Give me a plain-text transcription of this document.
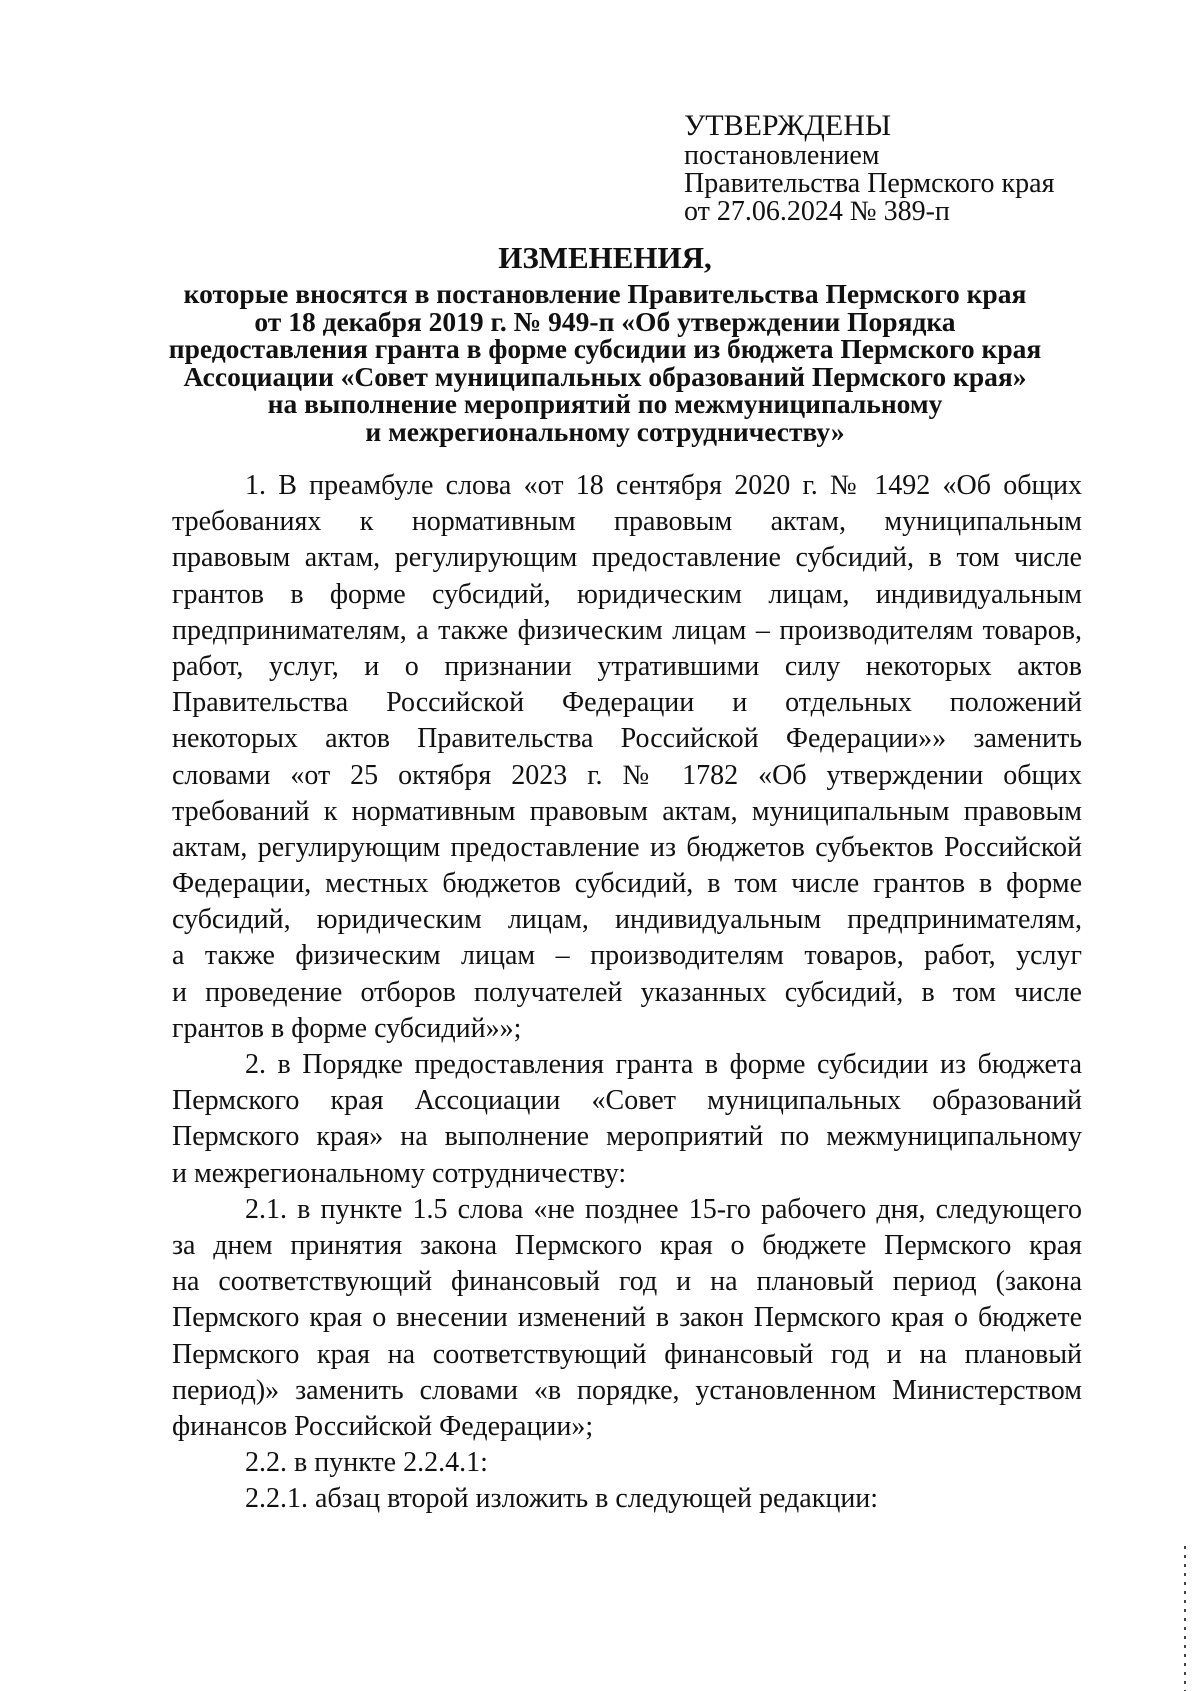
УТВЕРЖДЕНЫ
постановлением
Правительства Пермского края
от 27.06.2024 № 389-п
ИЗМЕНЕНИЯ,
которые вносятся в постановление Правительства Пермского края
от 18 декабря 2019 г. № 949-п «Об утверждении Порядка
предоставления гранта в форме субсидии из бюджета Пермского края
Ассоциации «Совет муниципальных образований Пермского края»
на выполнение мероприятий по межмуниципальному
и межрегиональному сотрудничеству»
1. В преамбуле слова «от 18 сентября 2020 г. № 1492 «Об общих
требованиях к нормативным правовым актам, муниципальным
правовым актам, регулирующим предоставление субсидий, в том числе
грантов в форме субсидий, юридическим лицам, индивидуальным
предпринимателям, а также физическим лицам – производителям товаров,
работ, услуг, и о признании утратившими силу некоторых актов
Правительства Российской Федерации и отдельных положений
некоторых актов Правительства Российской Федерации»» заменить
словами «от 25 октября 2023 г. № 1782 «Об утверждении общих
требований к нормативным правовым актам, муниципальным правовым
актам, регулирующим предоставление из бюджетов субъектов Российской
Федерации, местных бюджетов субсидий, в том числе грантов в форме
субсидий, юридическим лицам, индивидуальным предпринимателям,
а также физическим лицам – производителям товаров, работ, услуг
и проведение отборов получателей указанных субсидий, в том числе
грантов в форме субсидий»»;
2. в Порядке предоставления гранта в форме субсидии из бюджета
Пермского края Ассоциации «Совет муниципальных образований
Пермского края» на выполнение мероприятий по межмуниципальному
и межрегиональному сотрудничеству:
2.1. в пункте 1.5 слова «не позднее 15-го рабочего дня, следующего
за днем принятия закона Пермского края о бюджете Пермского края
на соответствующий финансовый год и на плановый период (закона
Пермского края о внесении изменений в закон Пермского края о бюджете
Пермского края на соответствующий финансовый год и на плановый
период)» заменить словами «в порядке, установленном Министерством
финансов Российской Федерации»;
2.2. в пункте 2.2.4.1:
2.2.1. абзац второй изложить в следующей редакции:
